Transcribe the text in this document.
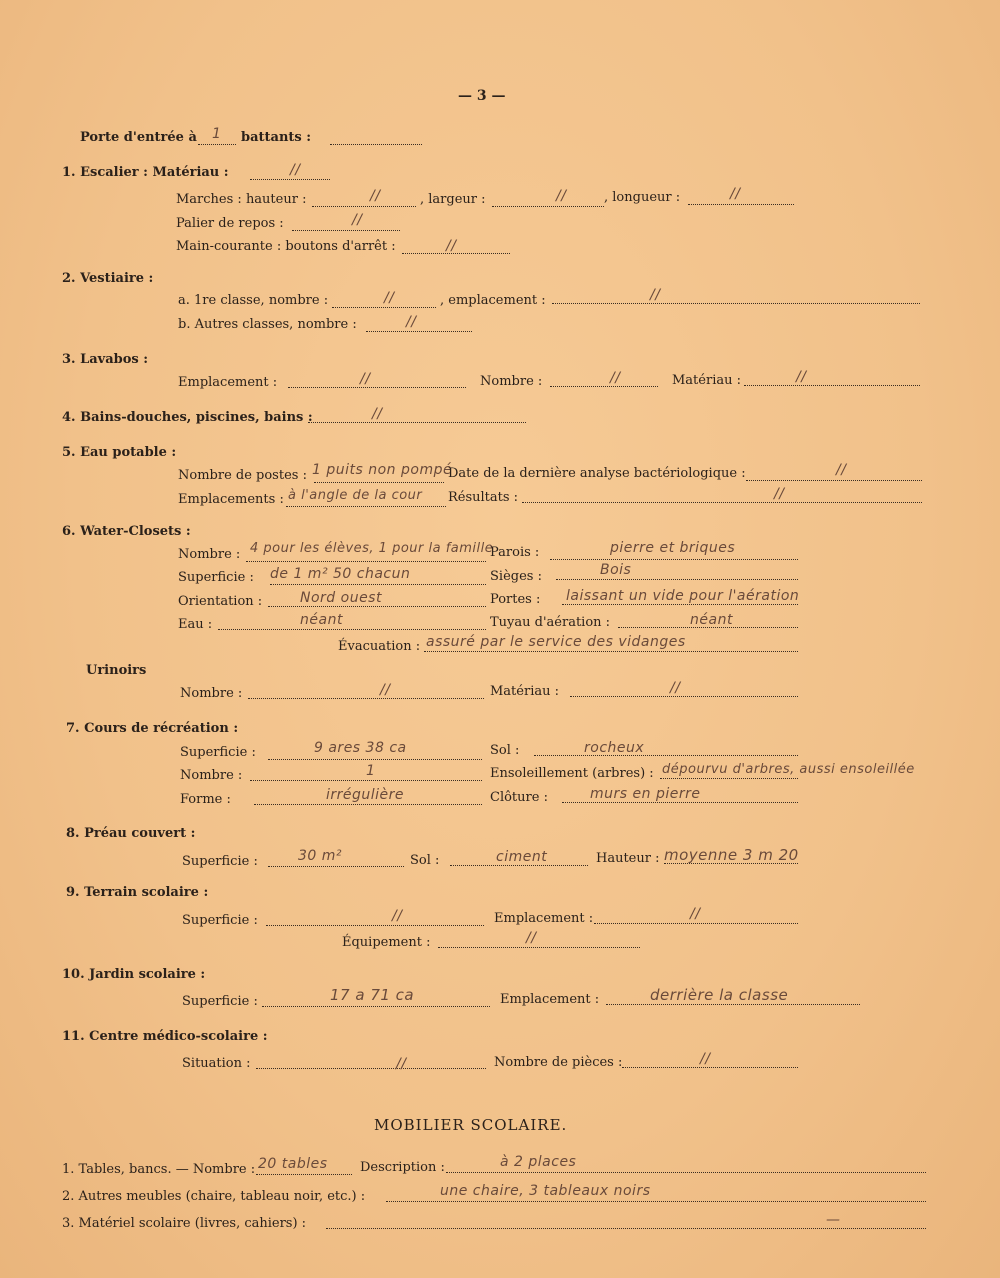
— 3 —
Porte d'entrée à 1 battants :
1. Escalier : Matériau :	//
Marches : hauteur :	//	, largeur :	//	, longueur :	//
Palier de repos :	//
Main-courante : boutons d'arrêt :	//
2. Vestiaire :
a. 1re classe, nombre :	//	, emplacement :	//
b. Autres classes, nombre :	//
3. Lavabos :
Emplacement :	//	Nombre :	//	Matériau :	//
4. Bains-douches, piscines, bains :	//
5. Eau potable :
Nombre de postes : 1 puits non pompé
Date de la dernière analyse bactériologique :	//
Emplacements : à l'angle de la cour Résultats :	//
6. Water-Closets :
Nombre : 4 pour les élèves, 1 pour la famille
Parois :	pierre et briques
Superficie : de 1 m² 50 chacun	Sièges :	Bois
Orientation :	Nord ouest	Portes : laissant un vide pour l'aération
Eau :	néant	Tuyau d'aération :	néant
Évacuation : assuré par le service des vidanges
Urinoirs
Nombre :	//	Matériau :	//
7. Cours de récréation :
Superficie :	9 ares 38 ca	Sol :	rocheux
Nombre :	1	Ensoleillement (arbres) : dépourvu d'arbres, aussi ensoleillée
Forme :	irrégulière	Clôture :	murs en pierre
8. Préau couvert :
Superficie :	30 m²	Sol :	ciment	Hauteur : moyenne 3 m 20
9. Terrain scolaire :
Superficie :	//	Emplacement :	//
Équipement :	//
10. Jardin scolaire :
Superficie :	17 a 71 ca	Emplacement :	derrière la classe
11. Centre médico-scolaire :
Situation :	//	Nombre de pièces :	//
MOBILIER SCOLAIRE.
1. Tables, bancs. — Nombre : 20 tables Description :	à 2 places
2. Autres meubles (chaire, tableau noir, etc.) :	une chaire, 3 tableaux noirs
3. Matériel scolaire (livres, cahiers) :	—
